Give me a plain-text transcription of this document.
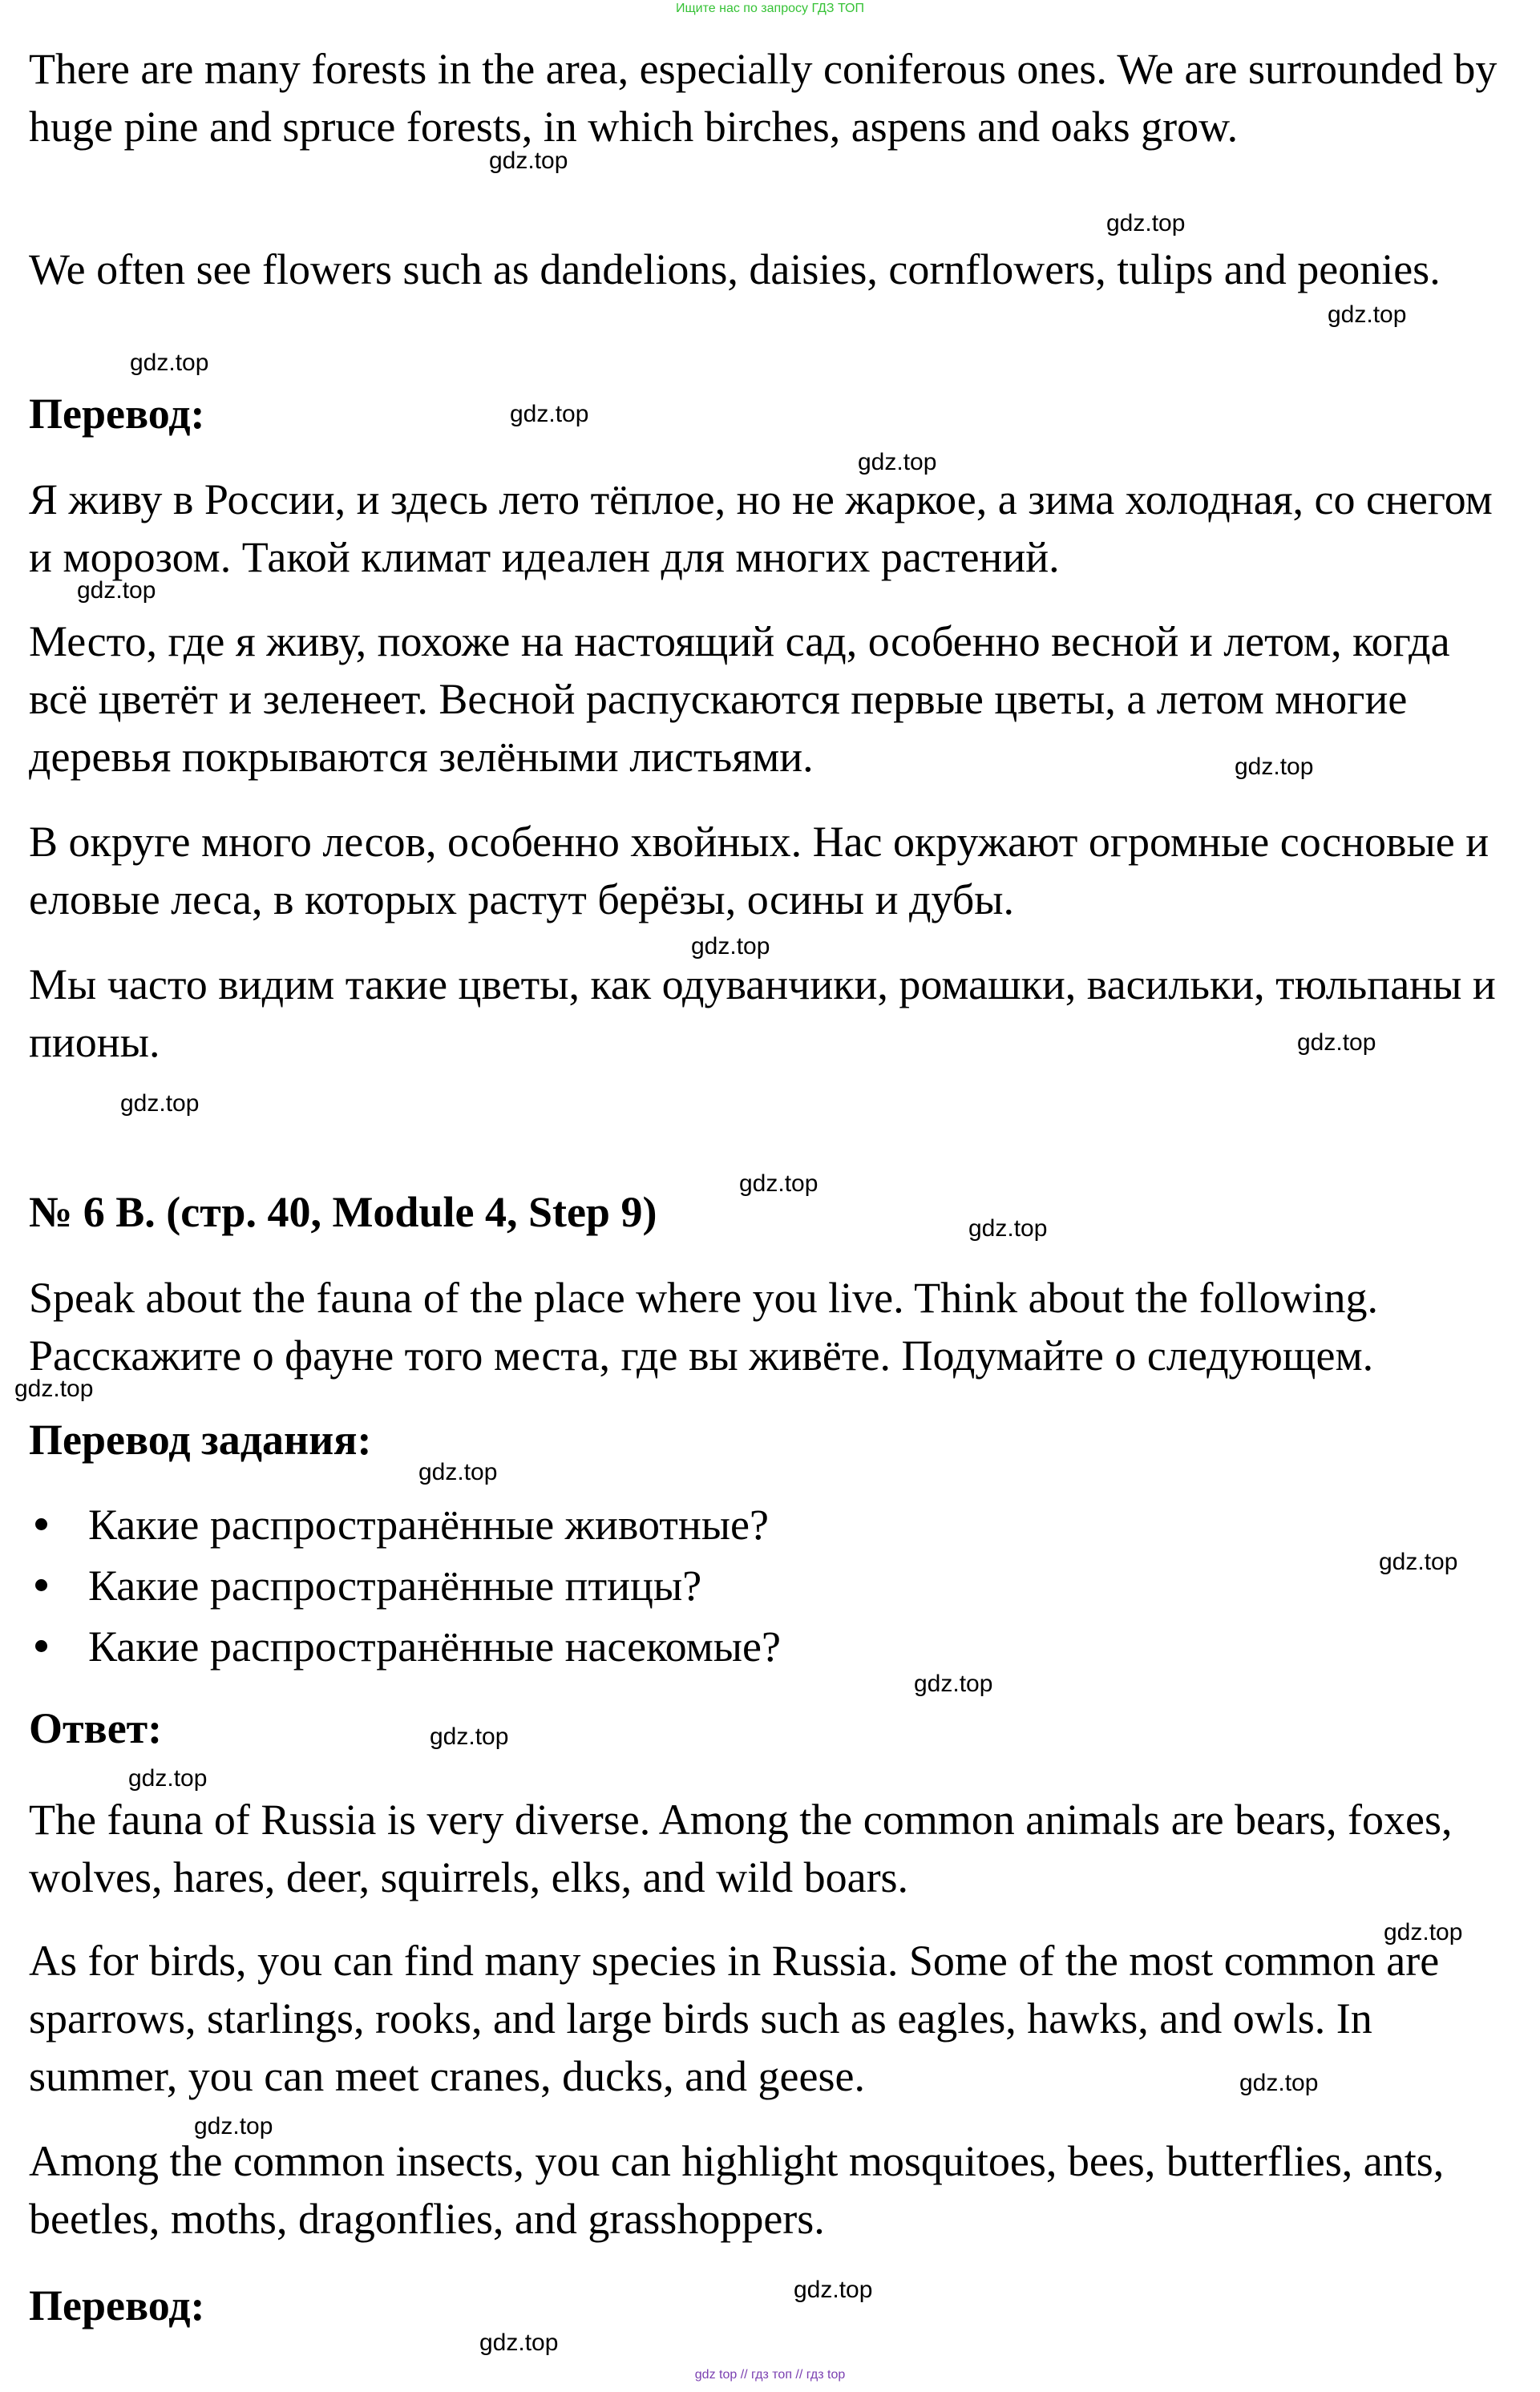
Ищите нас по запросу ГДЗ ТОП

There are many forests in the area, especially coniferous ones. We are surrounded by huge pine and spruce forests, in which birches, aspens and oaks grow.

We often see flowers such as dandelions, daisies, cornflowers, tulips and peonies.

Перевод:

Я живу в России, и здесь лето тёплое, но не жаркое, а зима холодная, со снегом и морозом. Такой климат идеален для многих растений.

Место, где я живу, похоже на настоящий сад, особенно весной и летом, когда всё цветёт и зеленеет. Весной распускаются первые цветы, а летом многие деревья покрываются зелёными листьями.

В округе много лесов, особенно хвойных. Нас окружают огромные сосновые и еловые леса, в которых растут берёзы, осины и дубы.

Мы часто видим такие цветы, как одуванчики, ромашки, васильки, тюльпаны и пионы.

№ 6 B. (стр. 40, Module 4, Step 9)

Speak about the fauna of the place where you live. Think about the following.

Расскажите о фауне того места, где вы живёте. Подумайте о следующем.

Перевод задания:

Какие распространённые животные?
Какие распространённые птицы?
Какие распространённые насекомые?

Ответ:

The fauna of Russia is very diverse. Among the common animals are bears, foxes, wolves, hares, deer, squirrels, elks, and wild boars.

As for birds, you can find many species in Russia. Some of the most common are sparrows, starlings, rooks, and large birds such as eagles, hawks, and owls. In summer, you can meet cranes, ducks, and geese.

Among the common insects, you can highlight mosquitoes, bees, butterflies, ants, beetles, moths, dragonflies, and grasshoppers.

Перевод:

gdz.top
gdz.top
gdz.top
gdz.top
gdz.top
gdz.top
gdz.top
gdz.top
gdz.top
gdz.top
gdz.top
gdz.top
gdz.top
gdz.top
gdz.top
gdz.top
gdz.top
gdz.top
gdz.top
gdz.top
gdz.top
gdz.top
gdz.top
gdz.top
gdz top // гдз топ // гдз top
